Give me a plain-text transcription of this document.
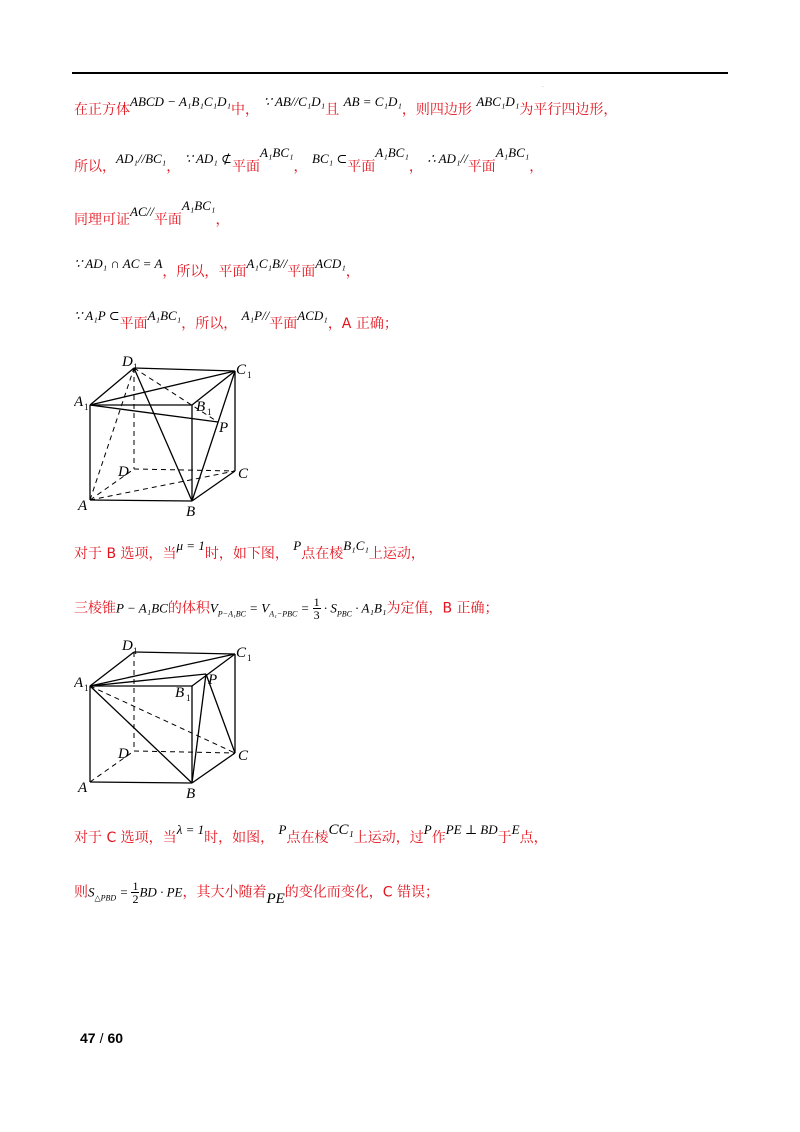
·
在正方体ABCD − A₁B₁C₁D₁中， ∵ AB//C₁D₁且 AB = C₁D₁，则四边形 ABC₁D₁为平行四边形，
所以，AD₁//BC₁， ∵ AD₁ ⊄平面A₁BC₁， BC₁ ⊂平面A₁BC₁， ∴ AD₁//平面A₁BC₁，
同理可证AC//平面A₁BC₁，
∵ AD₁ ∩ AC = A，所以，平面A₁C₁B//平面ACD₁，
∵ A₁P ⊂平面A₁BC₁，所以， A₁P//平面ACD₁，A 正确；
D 1	C 1
A 1	B 1
P
D	C
A	B
对于 B 选项，当μ = 1时，如下图， P点在棱B₁C₁上运动，
三棱锥P − A₁BC的体积$V_{P-A_1BC} = V_{A_1-PBC} = \frac{1}{3} \cdot S_{PBC} \cdot A_1B_1$为定值，B 正确；
D 1	C 1
A 1	B 1
P
D	C
A	B
对于 C 选项，当λ = 1时，如图， P点在棱CC₁上运动，过P作PE ⊥ BD于E点，
则$S_{\triangle PBD} = \frac{1}{2}$ BD · PE，其大小随着PE的变化而变化，C 错误；
47 / 60
